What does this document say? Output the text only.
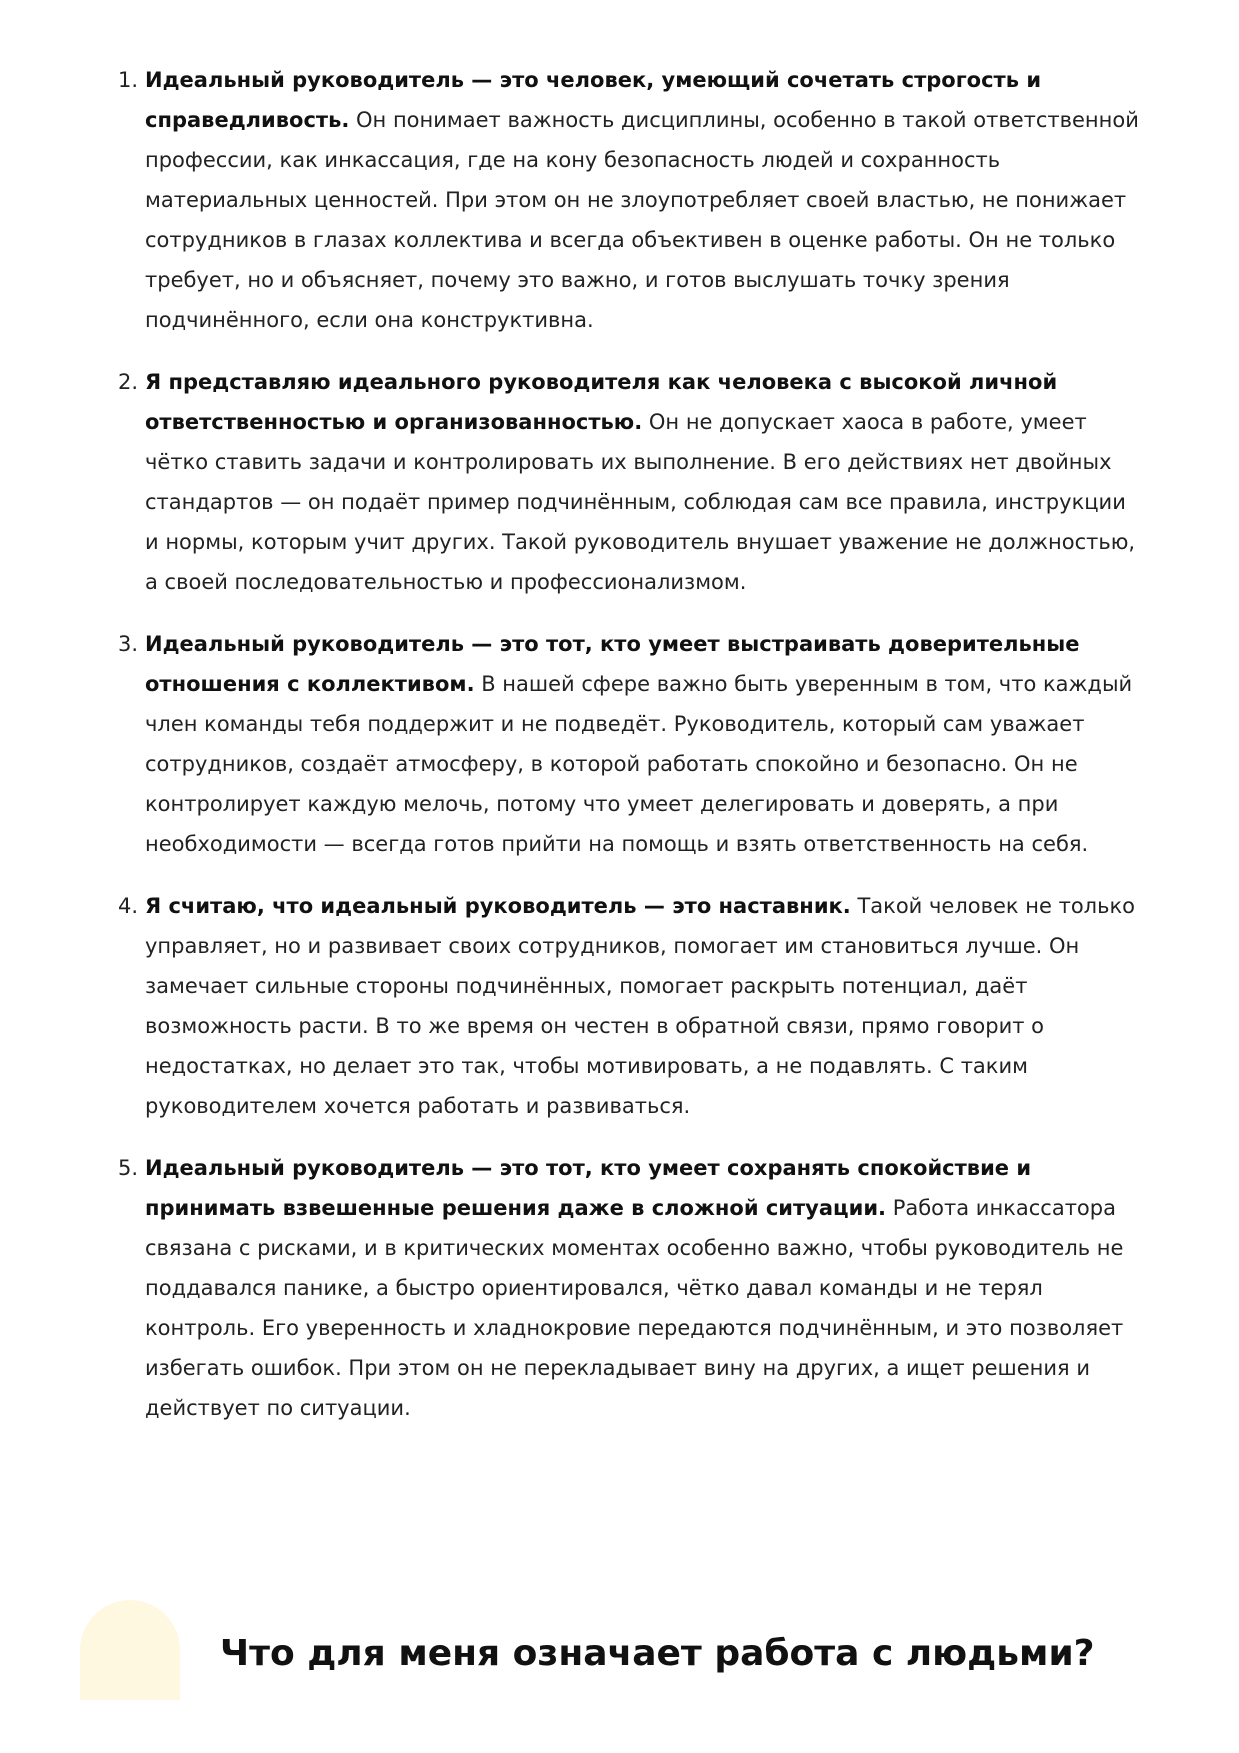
1. Идеальный руководитель — это человек, умеющий сочетать строгость и справедливость. Он понимает важность дисциплины, особенно в такой ответственной профессии, как инкассация, где на кону безопасность людей и сохранность материальных ценностей. При этом он не злоупотребляет своей властью, не понижает сотрудников в глазах коллектива и всегда объективен в оценке работы. Он не только требует, но и объясняет, почему это важно, и готов выслушать точку зрения подчинённого, если она конструктивна.

2. Я представляю идеального руководителя как человека с высокой личной ответственностью и организованностью. Он не допускает хаоса в работе, умеет чётко ставить задачи и контролировать их выполнение. В его действиях нет двойных стандартов — он подаёт пример подчинённым, соблюдая сам все правила, инструкции и нормы, которым учит других. Такой руководитель внушает уважение не должностью, а своей последовательностью и профессионализмом.

3. Идеальный руководитель — это тот, кто умеет выстраивать доверительные отношения с коллективом. В нашей сфере важно быть уверенным в том, что каждый член команды тебя поддержит и не подведёт. Руководитель, который сам уважает сотрудников, создаёт атмосферу, в которой работать спокойно и безопасно. Он не контролирует каждую мелочь, потому что умеет делегировать и доверять, а при необходимости — всегда готов прийти на помощь и взять ответственность на себя.

4. Я считаю, что идеальный руководитель — это наставник. Такой человек не только управляет, но и развивает своих сотрудников, помогает им становиться лучше. Он замечает сильные стороны подчинённых, помогает раскрыть потенциал, даёт возможность расти. В то же время он честен в обратной связи, прямо говорит о недостатках, но делает это так, чтобы мотивировать, а не подавлять. С таким руководителем хочется работать и развиваться.

5. Идеальный руководитель — это тот, кто умеет сохранять спокойствие и принимать взвешенные решения даже в сложной ситуации. Работа инкассатора связана с рисками, и в критических моментах особенно важно, чтобы руководитель не поддавался панике, а быстро ориентировался, чётко давал команды и не терял контроль. Его уверенность и хладнокровие передаются подчинённым, и это позволяет избегать ошибок. При этом он не перекладывает вину на других, а ищет решения и действует по ситуации.

Что для меня означает работа с людьми?
